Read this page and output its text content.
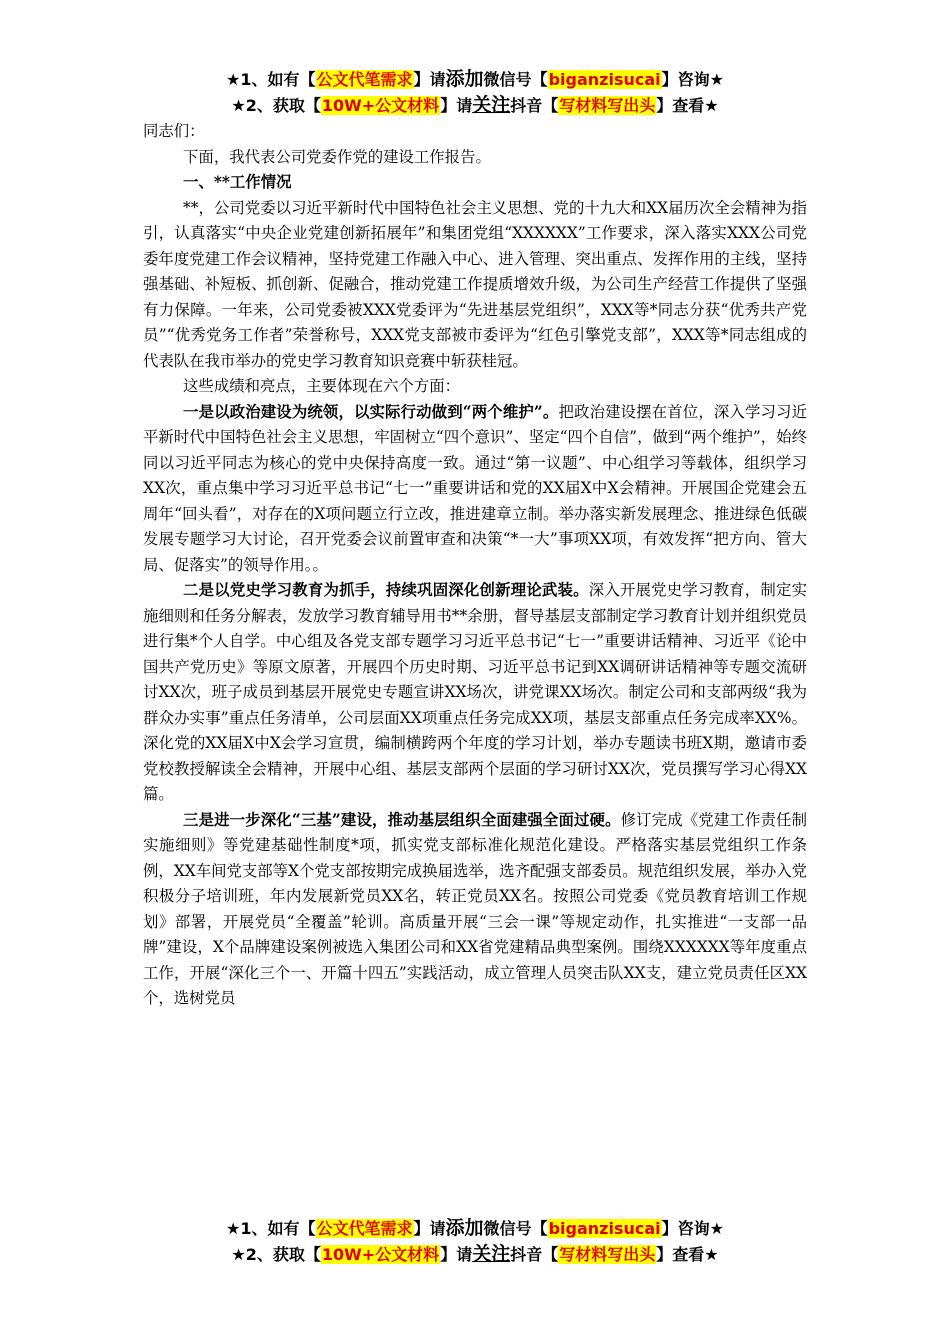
★1、如有【公文代笔需求】请添加微信号【biganzisucai】咨询★
★2、获取【10W+公文材料】请关注抖音【写材料写出头】查看★

同志们：

下面，我代表公司党委作党的建设工作报告。

一、**工作情况

**，公司党委以习近平新时代中国特色社会主义思想、党的十九大和XX届历次全会精神为指引，认真落实“中央企业党建创新拓展年”和集团党组“XXXXXX”工作要求，深入落实XXX公司党委年度党建工作会议精神，坚持党建工作融入中心、进入管理、突出重点、发挥作用的主线，坚持强基础、补短板、抓创新、促融合，推动党建工作提质增效升级，为公司生产经营工作提供了坚强有力保障。一年来，公司党委被XXX党委评为“先进基层党组织”，XXX等*同志分获“优秀共产党员”“优秀党务工作者”荣誉称号，XXX党支部被市委评为“红色引擎党支部”，XXX等*同志组成的代表队在我市举办的党史学习教育知识竞赛中斩获桂冠。

这些成绩和亮点，主要体现在六个方面：

一是以政治建设为统领，以实际行动做到“两个维护”。把政治建设摆在首位，深入学习习近平新时代中国特色社会主义思想，牢固树立“四个意识”、坚定“四个自信”，做到“两个维护”，始终同以习近平同志为核心的党中央保持高度一致。通过“第一议题”、中心组学习等载体，组织学习XX次，重点集中学习习近平总书记“七一”重要讲话和党的XX届X中X会精神。开展国企党建会五周年“回头看”，对存在的X项问题立行立改，推进建章立制。举办落实新发展理念、推进绿色低碳发展专题学习大讨论，召开党委会议前置审查和决策“*一大”事项XX项，有效发挥“把方向、管大局、促落实”的领导作用。。

二是以党史学习教育为抓手，持续巩固深化创新理论武装。深入开展党史学习教育，制定实施细则和任务分解表，发放学习教育辅导用书**余册，督导基层支部制定学习教育计划并组织党员进行集*个人自学。中心组及各党支部专题学习习近平总书记“七一”重要讲话精神、习近平《论中国共产党历史》等原文原著，开展四个历史时期、习近平总书记到XX调研讲话精神等专题交流研讨XX次，班子成员到基层开展党史专题宣讲XX场次，讲党课XX场次。制定公司和支部两级“我为群众办实事”重点任务清单，公司层面XX项重点任务完成XX项，基层支部重点任务完成率XX%。深化党的XX届X中X会学习宣贯，编制横跨两个年度的学习计划，举办专题读书班X期，邀请市委党校教授解读全会精神，开展中心组、基层支部两个层面的学习研讨XX次，党员撰写学习心得XX篇。

三是进一步深化“三基”建设，推动基层组织全面建强全面过硬。修订完成《党建工作责任制实施细则》等党建基础性制度*项，抓实党支部标准化规范化建设。严格落实基层党组织工作条例，XX车间党支部等X个党支部按期完成换届选举，选齐配强支部委员。规范组织发展，举办入党积极分子培训班，年内发展新党员XX名，转正党员XX名。按照公司党委《党员教育培训工作规划》部署，开展党员“全覆盖”轮训。高质量开展“三会一课”等规定动作，扎实推进“一支部一品牌”建设，X个品牌建设案例被选入集团公司和XX省党建精品典型案例。围绕XXXXXX等年度重点工作，开展“深化三个一、开篇十四五”实践活动，成立管理人员突击队XX支，建立党员责任区XX个，选树党员

★1、如有【公文代笔需求】请添加微信号【biganzisucai】咨询★
★2、获取【10W+公文材料】请关注抖音【写材料写出头】查看★
